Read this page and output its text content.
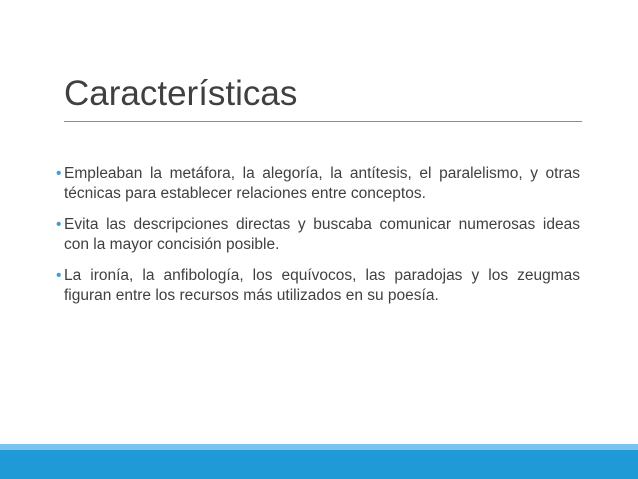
Características
• Empleaban la metáfora, la alegoría, la antítesis, el paralelismo, y otras técnicas para establecer relaciones entre conceptos.
• Evita las descripciones directas y buscaba comunicar numerosas ideas con la mayor concisión posible.
• La ironía, la anfibología, los equívocos, las paradojas y los zeugmas figuran entre los recursos más utilizados en su poesía.
